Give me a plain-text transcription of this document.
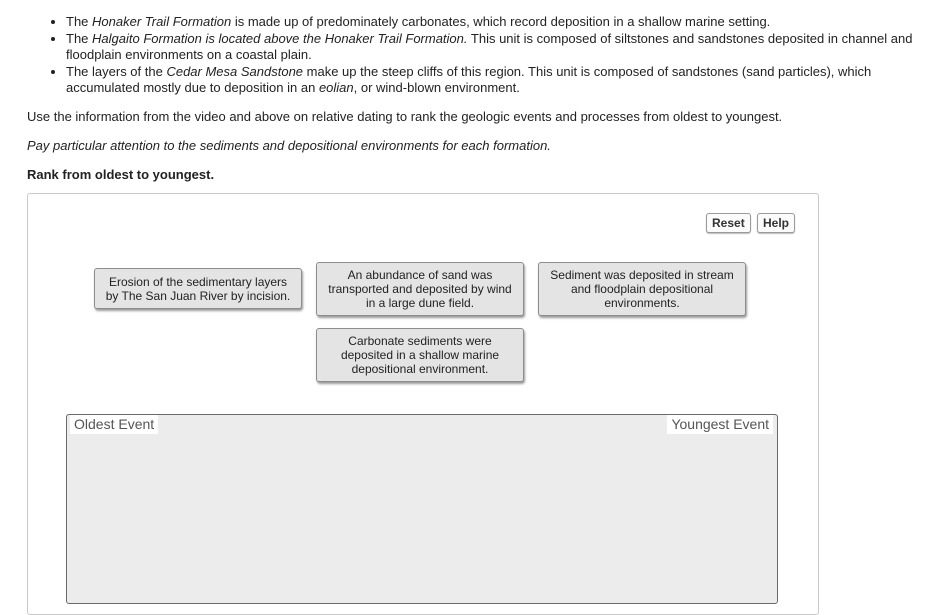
• The Honaker Trail Formation is made up of predominately carbonates, which record deposition in a shallow marine setting.
• The Halgaito Formation is located above the Honaker Trail Formation. This unit is composed of siltstones and sandstones deposited in channel and floodplain environments on a coastal plain.
• The layers of the Cedar Mesa Sandstone make up the steep cliffs of this region. This unit is composed of sandstones (sand particles), which accumulated mostly due to deposition in an eolian, or wind-blown environment.
Use the information from the video and above on relative dating to rank the geologic events and processes from oldest to youngest.
Pay particular attention to the sediments and depositional environments for each formation.
Rank from oldest to youngest.
Reset	Help
Erosion of the sedimentary layers by The San Juan River by incision.
An abundance of sand was transported and deposited by wind in a large dune field.
Sediment was deposited in stream and floodplain depositional environments.
Carbonate sediments were deposited in a shallow marine depositional environment.
Oldest Event	Youngest Event
